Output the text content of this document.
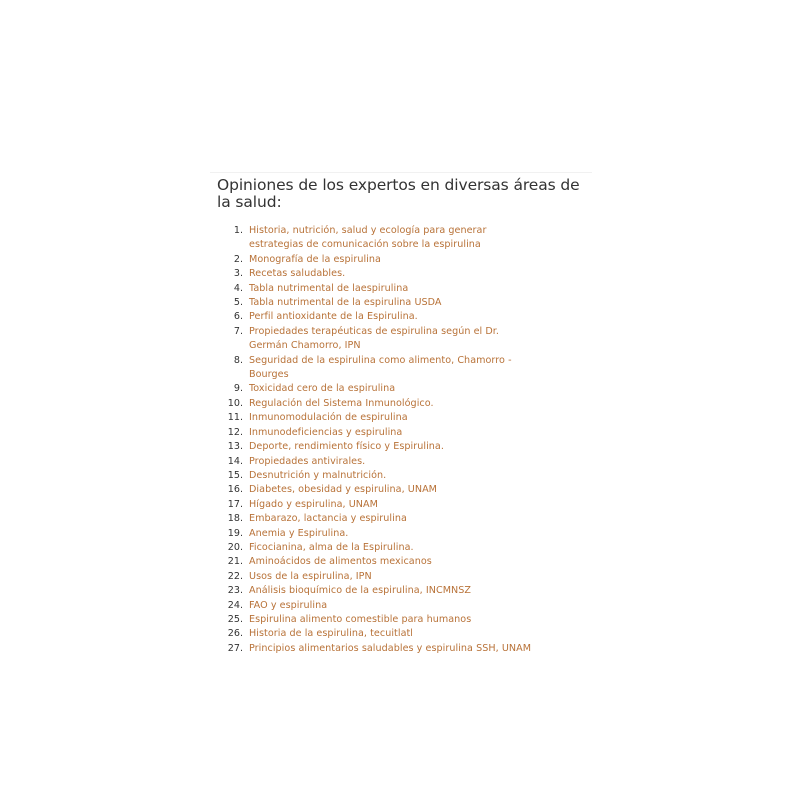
Opiniones de los expertos en diversas áreas de la salud:
1. Historia, nutrición, salud y ecología para generar estrategias de comunicación sobre la espirulina
2. Monografía de la espirulina
3. Recetas saludables.
4. Tabla nutrimental de laespirulina
5. Tabla nutrimental de la espirulina USDA
6. Perfil antioxidante de la Espirulina.
7. Propiedades terapéuticas de espirulina según el Dr. Germán Chamorro, IPN
8. Seguridad de la espirulina como alimento, Chamorro - Bourges
9. Toxicidad cero de la espirulina
10. Regulación del Sistema Inmunológico.
11. Inmunomodulación de espirulina
12. Inmunodeficiencias y espirulina
13. Deporte, rendimiento físico y Espirulina.
14. Propiedades antivirales.
15. Desnutrición y malnutrición.
16. Diabetes, obesidad y espirulina, UNAM
17. Hígado y espirulina, UNAM
18. Embarazo, lactancia y espirulina
19. Anemia y Espirulina.
20. Ficocianina, alma de la Espirulina.
21. Aminoácidos de alimentos mexicanos
22. Usos de la espirulina, IPN
23. Análisis bioquímico de la espirulina, INCMNSZ
24. FAO y espirulina
25. Espirulina alimento comestible para humanos
26. Historia de la espirulina, tecuitlatl
27. Principios alimentarios saludables y espirulina SSH, UNAM
